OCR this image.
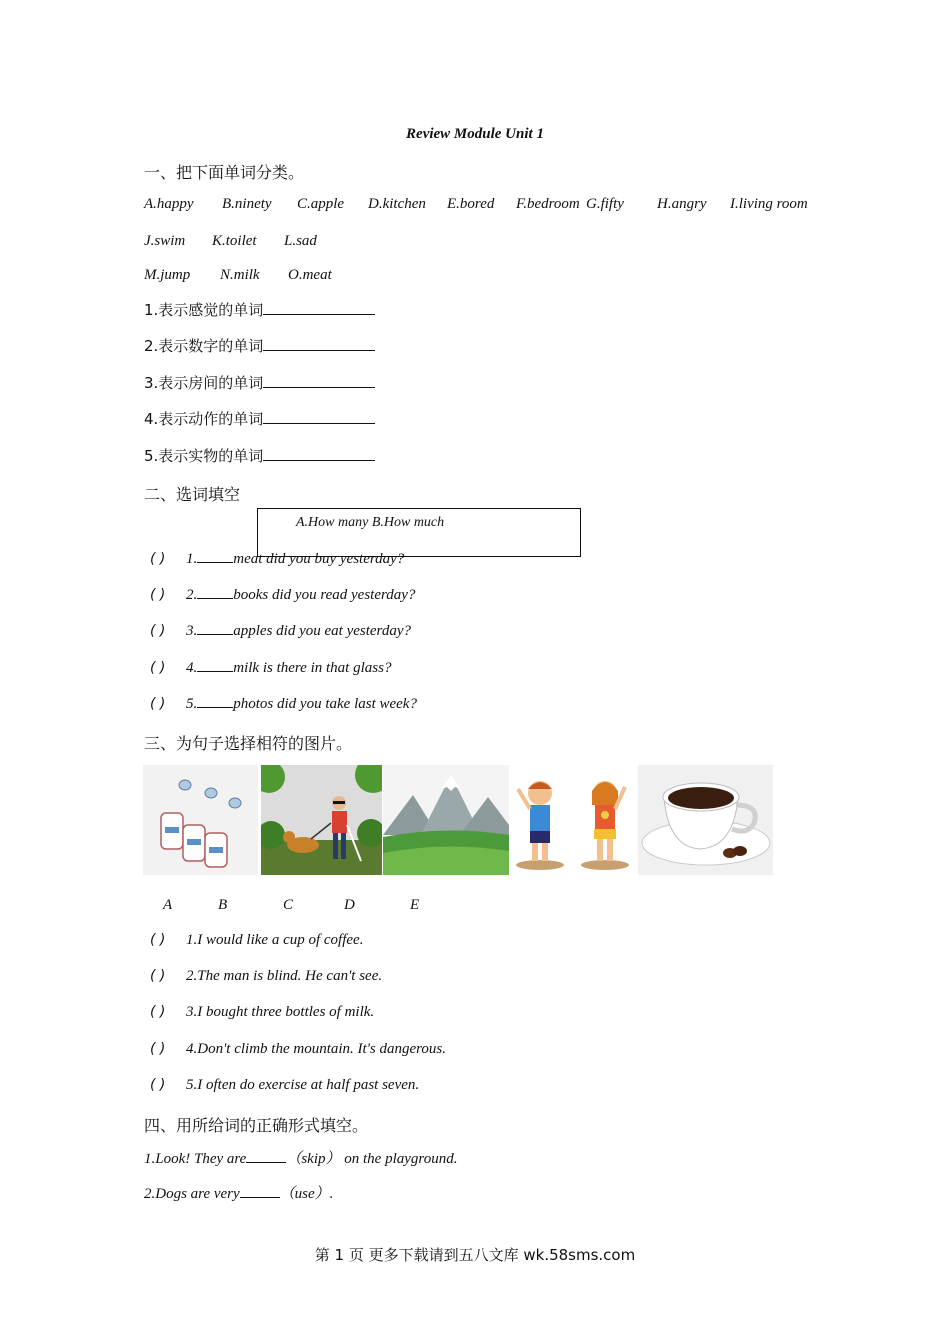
Review Module Unit 1
一、把下面单词分类。
A.happy B.ninety C.apple D.kitchen E.bored F.bedroom G.fifty H.angry I.living room
J.swim K.toilet L.sad
M.jump N.milk O.meat
1.表示感觉的单词
2.表示数字的单词
3.表示房间的单词
4.表示动作的单词
5.表示实物的单词
二、选词填空
A.How many B.How much
( ) 1. meat did you buy yesterday?
( ) 2. books did you read yesterday?
( ) 3. apples did you eat yesterday?
( ) 4. milk is there in that glass?
( ) 5. photos did you take last week?
三、为句子选择相符的图片。
A	B	C	D	E
( ) 1.I would like a cup of coffee.
( ) 2.The man is blind. He can't see.
( ) 3.I bought three bottles of milk.
( ) 4.Don't climb the mountain. It's dangerous.
( ) 5.I often do exercise at half past seven.
四、用所给词的正确形式填空。
1.Look! They are	（skip） on the playground.
2.Dogs are very	（use）.
第 1 页 更多下载请到五八文库 wk.58sms.com
